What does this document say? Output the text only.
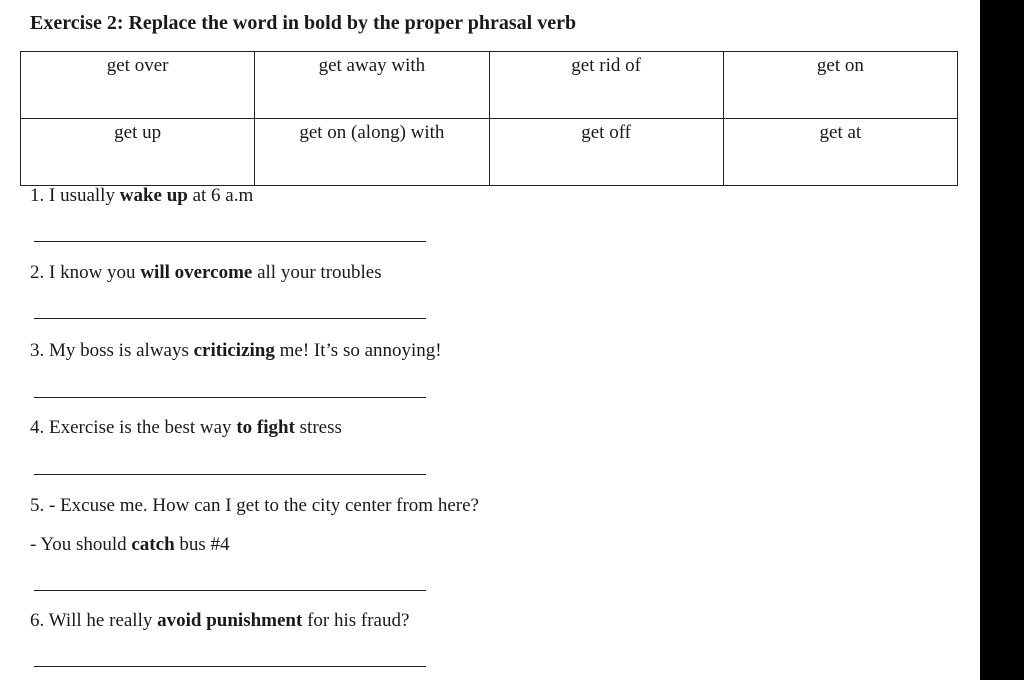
Exercise 2: Replace the word in bold by the proper phrasal verb
get over	get away with	get rid of	get on
get up	get on (along) with	get off	get at
1. I usually wake up at 6 a.m
2. I know you will overcome all your troubles
3. My boss is always criticizing me! It’s so annoying!
4. Exercise is the best way to fight stress
5. - Excuse me. How can I get to the city center from here?
- You should catch bus #4
6. Will he really avoid punishment for his fraud?
